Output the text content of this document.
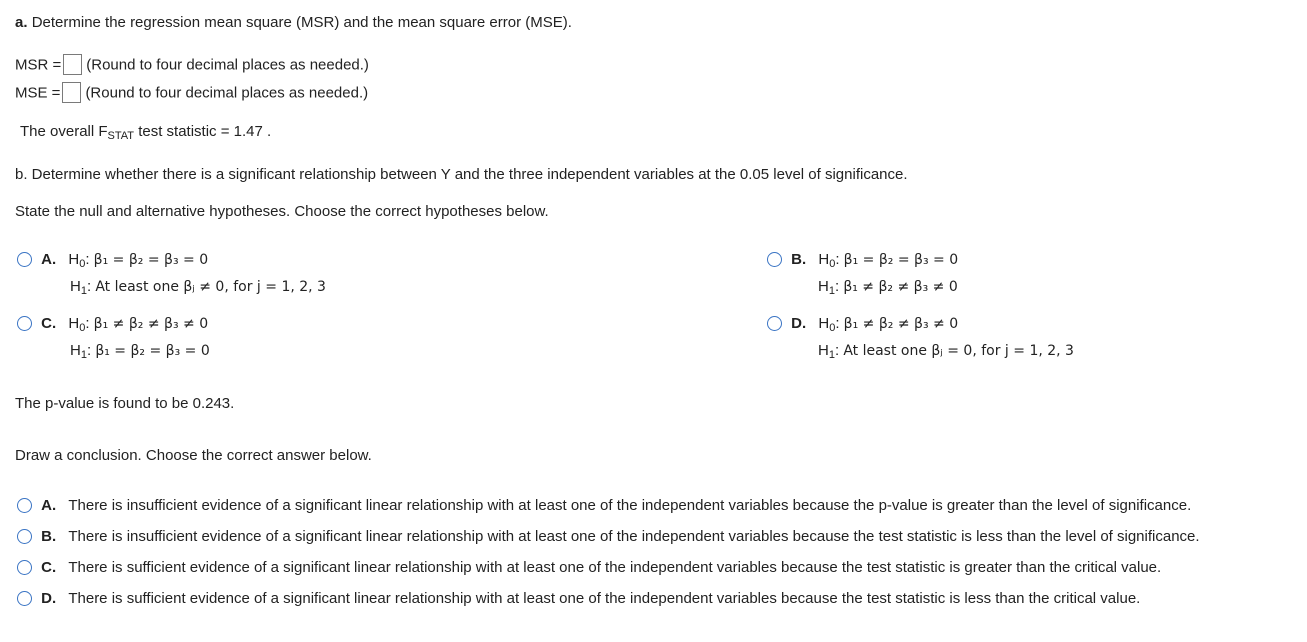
a. Determine the regression mean square (MSR) and the mean square error (MSE).
MSR = (Round to four decimal places as needed.)
MSE = (Round to four decimal places as needed.)
The overall $F_{STAT}$ test statistic = 1.47 .
b. Determine whether there is a significant relationship between Y and the three independent variables at the 0.05 level of significance.
State the null and alternative hypotheses. Choose the correct hypotheses below.
A. $H_0$: β₁ = β₂ = β₃ = 0
$H_1$: At least one βⱼ ≠ 0, for j = 1, 2, 3
B. $H_0$: β₁ = β₂ = β₃ = 0
$H_1$: β₁ ≠ β₂ ≠ β₃ ≠ 0
C. $H_0$: β₁ ≠ β₂ ≠ β₃ ≠ 0
$H_1$: β₁ = β₂ = β₃ = 0
D. $H_0$: β₁ ≠ β₂ ≠ β₃ ≠ 0
$H_1$: At least one βⱼ = 0, for j = 1, 2, 3
The p-value is found to be 0.243.
Draw a conclusion. Choose the correct answer below.
A. There is insufficient evidence of a significant linear relationship with at least one of the independent variables because the p-value is greater than the level of significance.
B. There is insufficient evidence of a significant linear relationship with at least one of the independent variables because the test statistic is less than the level of significance.
C. There is sufficient evidence of a significant linear relationship with at least one of the independent variables because the test statistic is greater than the critical value.
D. There is sufficient evidence of a significant linear relationship with at least one of the independent variables because the test statistic is less than the critical value.
